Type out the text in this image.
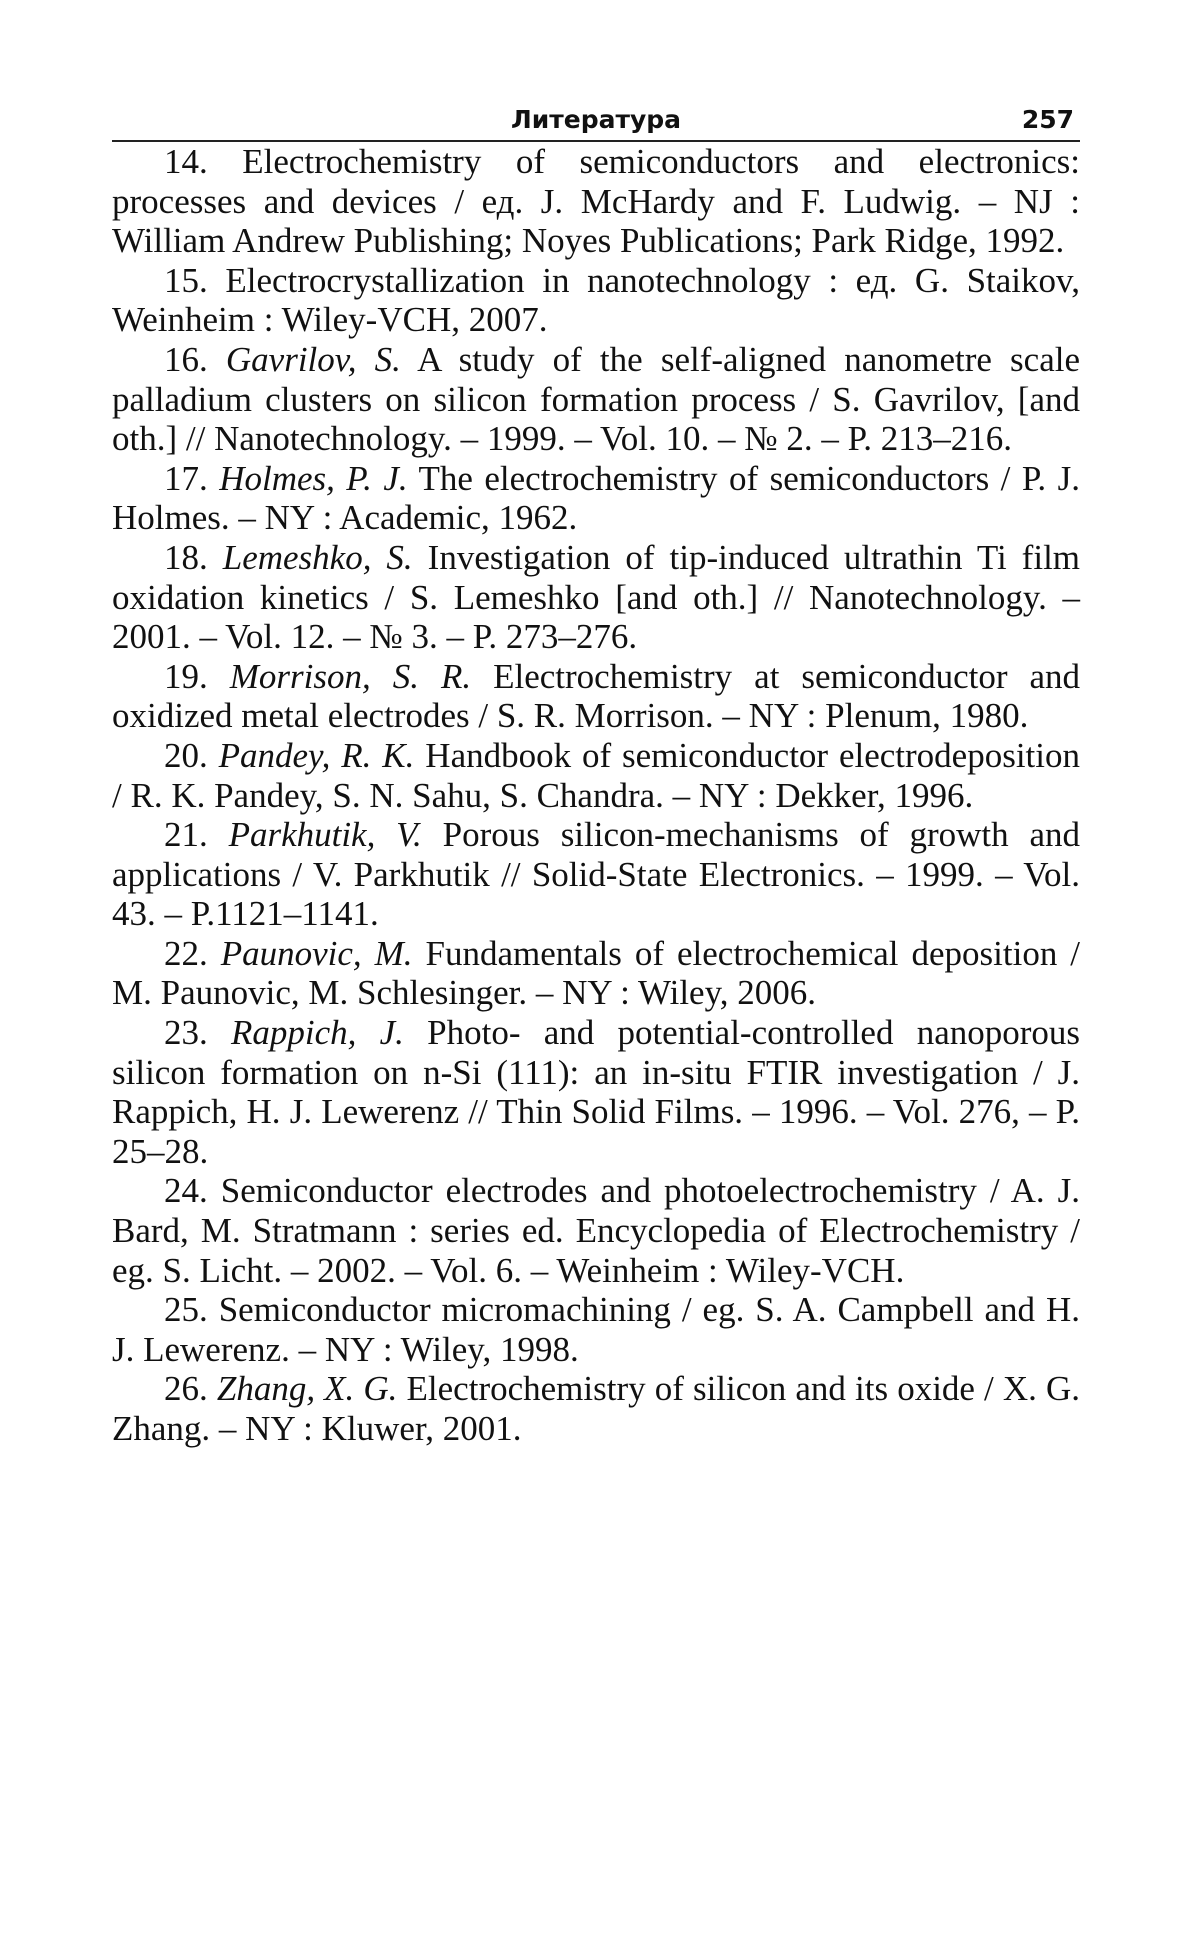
Литература	257

14. Electrochemistry of semiconductors and electronics: processes and devices / ед. J. McHardy and F. Ludwig. – NJ : William Andrew Publishing; Noyes Publications; Park Ridge, 1992.

15. Electrocrystallization in nanotechnology : ед. G. Staikov, Weinheim : Wiley-VCH, 2007.

16. Gavrilov, S. A study of the self-aligned nanometre scale palladium clusters on silicon formation process / S. Gavrilov, [and oth.] // Nanotechnology. – 1999. – Vol. 10. – № 2. – P. 213–216.

17. Holmes, P. J. The electrochemistry of semiconductors / P. J. Holmes. – NY : Academic, 1962.

18. Lemeshko, S. Investigation of tip-induced ultrathin Ti film oxidation kinetics / S. Lemeshko [and oth.] // Nanotechnology. – 2001. – Vol. 12. – № 3. – P. 273–276.

19. Morrison, S. R. Electrochemistry at semiconductor and oxidized metal electrodes / S. R. Morrison. – NY : Plenum, 1980.

20. Pandey, R. K. Handbook of semiconductor electrodeposition / R. K. Pandey, S. N. Sahu, S. Chandra. – NY : Dekker, 1996.

21. Parkhutik, V. Porous silicon-mechanisms of growth and applications / V. Parkhutik // Solid-State Electronics. – 1999. – Vol. 43. – P.1121–1141.

22. Paunovic, M. Fundamentals of electrochemical deposition / M. Paunovic, M. Schlesinger. – NY : Wiley, 2006.

23. Rappich, J. Photo- and potential-controlled nanoporous silicon formation on n-Si (111): an in-situ FTIR investigation / J. Rappich, H. J. Lewerenz // Thin Solid Films. – 1996. – Vol. 276, – P. 25–28.

24. Semiconductor electrodes and photoelectrochemistry / A. J. Bard, M. Stratmann : series ed. Encyclopedia of Electrochemistry / eg. S. Licht. – 2002. – Vol. 6. – Weinheim : Wiley-VCH.

25. Semiconductor micromachining / eg. S. A. Campbell and H. J. Lewerenz. – NY : Wiley, 1998.

26. Zhang, X. G. Electrochemistry of silicon and its oxide / X. G. Zhang. – NY : Kluwer, 2001.
